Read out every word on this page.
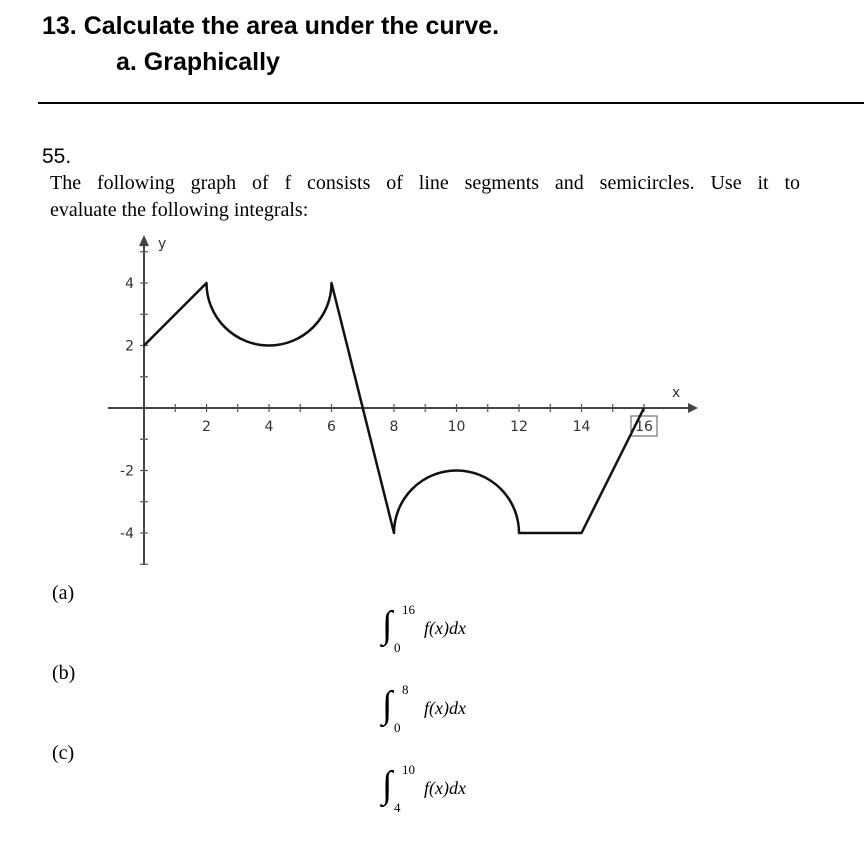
13. Calculate the area under the curve.
a. Graphically
55.
The following graph of f consists of line segments and semicircles. Use it to
evaluate the following integrals:
x
y
2	4	6	8	10	12	14	16
4
2
-2
-4
(a)
∫ 16
0
f(x)dx
(b)
∫ 8
0
f(x)dx
(c)
∫ 10
4
f(x)dx
